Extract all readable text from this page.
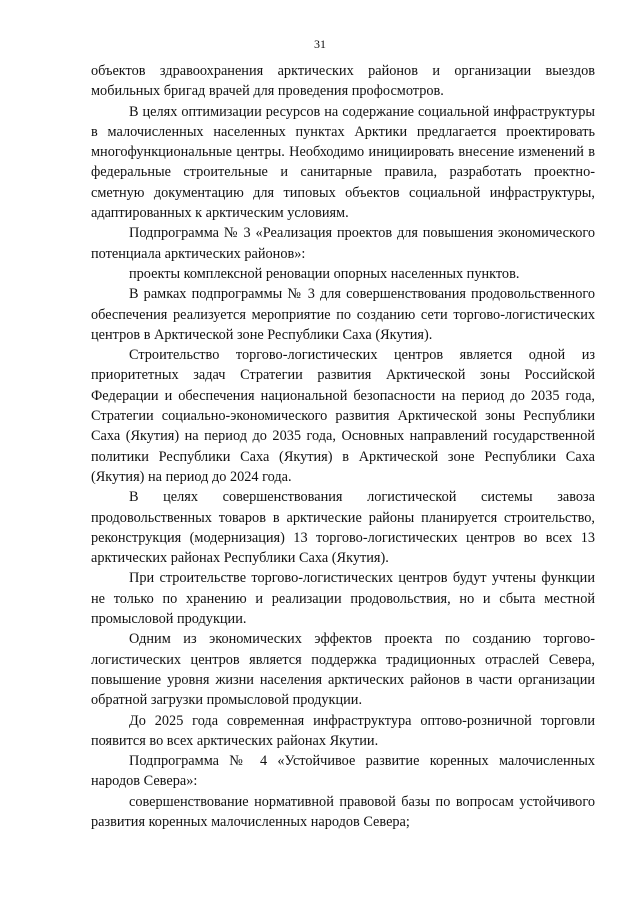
31

объектов здравоохранения арктических районов и организации выездов мобильных бригад врачей для проведения профосмотров.

В целях оптимизации ресурсов на содержание социальной инфраструктуры в малочисленных населенных пунктах Арктики предлагается проектировать многофункциональные центры. Необходимо инициировать внесение изменений в федеральные строительные и санитарные правила, разработать проектно-сметную документацию для типовых объектов социальной инфраструктуры, адаптированных к арктическим условиям.

Подпрограмма № 3 «Реализация проектов для повышения экономического потенциала арктических районов»:

проекты комплексной реновации опорных населенных пунктов.

В рамках подпрограммы № 3 для совершенствования продовольственного обеспечения реализуется мероприятие по созданию сети торгово-логистических центров в Арктической зоне Республики Саха (Якутия).

Строительство торгово-логистических центров является одной из приоритетных задач Стратегии развития Арктической зоны Российской Федерации и обеспечения национальной безопасности на период до 2035 года, Стратегии социально-экономического развития Арктической зоны Республики Саха (Якутия) на период до 2035 года, Основных направлений государственной политики Республики Саха (Якутия) в Арктической зоне Республики Саха (Якутия) на период до 2024 года.

В целях совершенствования логистической системы завоза продовольственных товаров в арктические районы планируется строительство, реконструкция (модернизация) 13 торгово-логистических центров во всех 13 арктических районах Республики Саха (Якутия).

При строительстве торгово-логистических центров будут учтены функции не только по хранению и реализации продовольствия, но и сбыта местной промысловой продукции.

Одним из экономических эффектов проекта по созданию торгово-логистических центров является поддержка традиционных отраслей Севера, повышение уровня жизни населения арктических районов в части организации обратной загрузки промысловой продукции.

До 2025 года современная инфраструктура оптово-розничной торговли появится во всех арктических районах Якутии.

Подпрограмма № 4 «Устойчивое развитие коренных малочисленных народов Севера»:

совершенствование нормативной правовой базы по вопросам устойчивого развития коренных малочисленных народов Севера;
